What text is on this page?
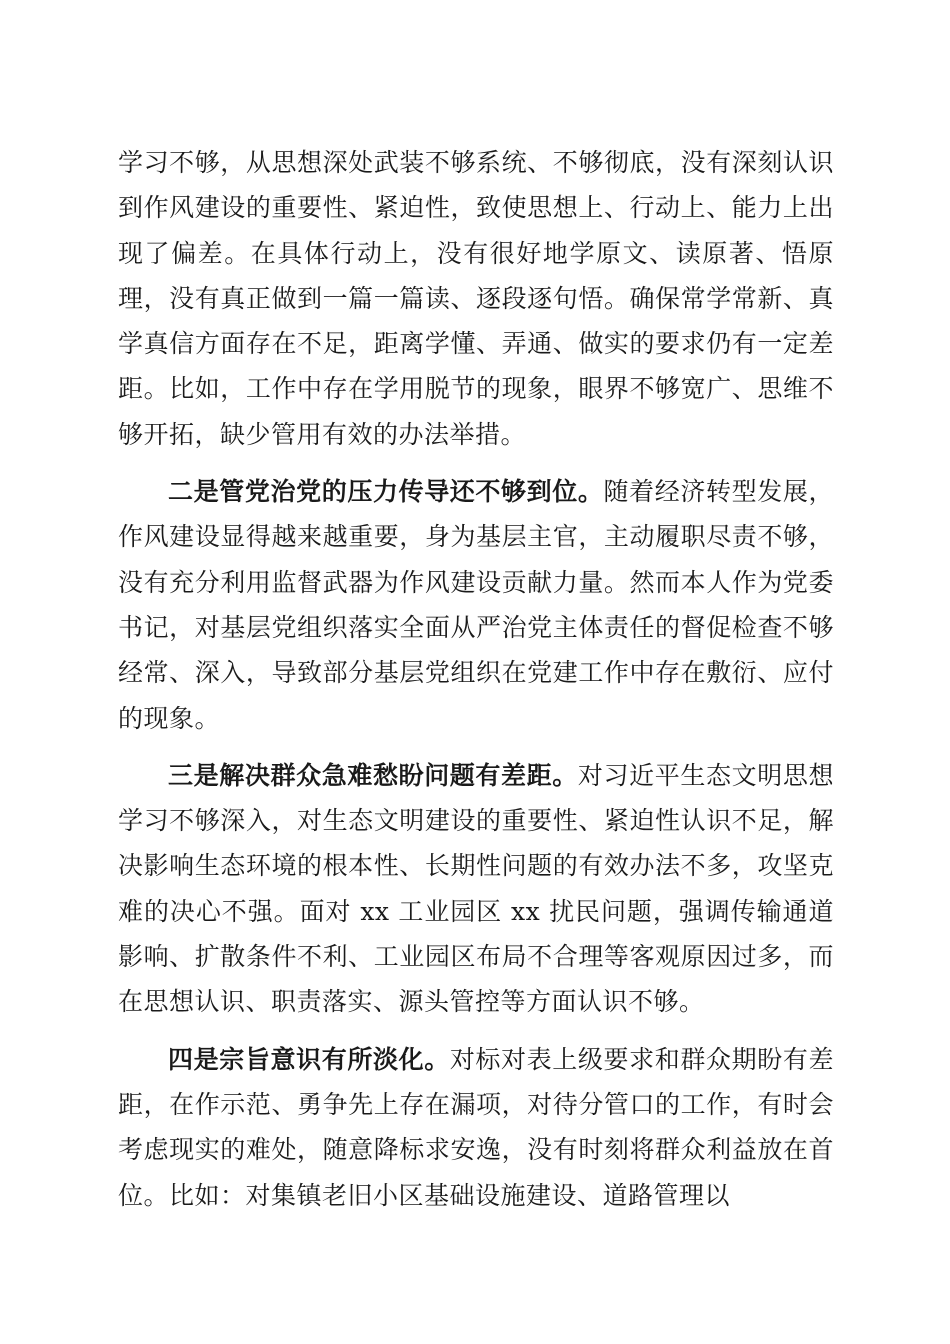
学习不够，从思想深处武装不够系统、不够彻底，没有深刻认识到作风建设的重要性、紧迫性，致使思想上、行动上、能力上出现了偏差。在具体行动上，没有很好地学原文、读原著、悟原理，没有真正做到一篇一篇读、逐段逐句悟。确保常学常新、真学真信方面存在不足，距离学懂、弄通、做实的要求仍有一定差距。比如，工作中存在学用脱节的现象，眼界不够宽广、思维不够开拓，缺少管用有效的办法举措。

二是管党治党的压力传导还不够到位。随着经济转型发展，作风建设显得越来越重要，身为基层主官，主动履职尽责不够，没有充分利用监督武器为作风建设贡献力量。然而本人作为党委书记，对基层党组织落实全面从严治党主体责任的督促检查不够经常、深入，导致部分基层党组织在党建工作中存在敷衍、应付的现象。

三是解决群众急难愁盼问题有差距。对习近平生态文明思想学习不够深入，对生态文明建设的重要性、紧迫性认识不足，解决影响生态环境的根本性、长期性问题的有效办法不多，攻坚克难的决心不强。面对 xx 工业园区 xx 扰民问题，强调传输通道影响、扩散条件不利、工业园区布局不合理等客观原因过多，而在思想认识、职责落实、源头管控等方面认识不够。

四是宗旨意识有所淡化。对标对表上级要求和群众期盼有差距，在作示范、勇争先上存在漏项，对待分管口的工作，有时会考虑现实的难处，随意降标求安逸，没有时刻将群众利益放在首位。比如：对集镇老旧小区基础设施建设、道路管理以
